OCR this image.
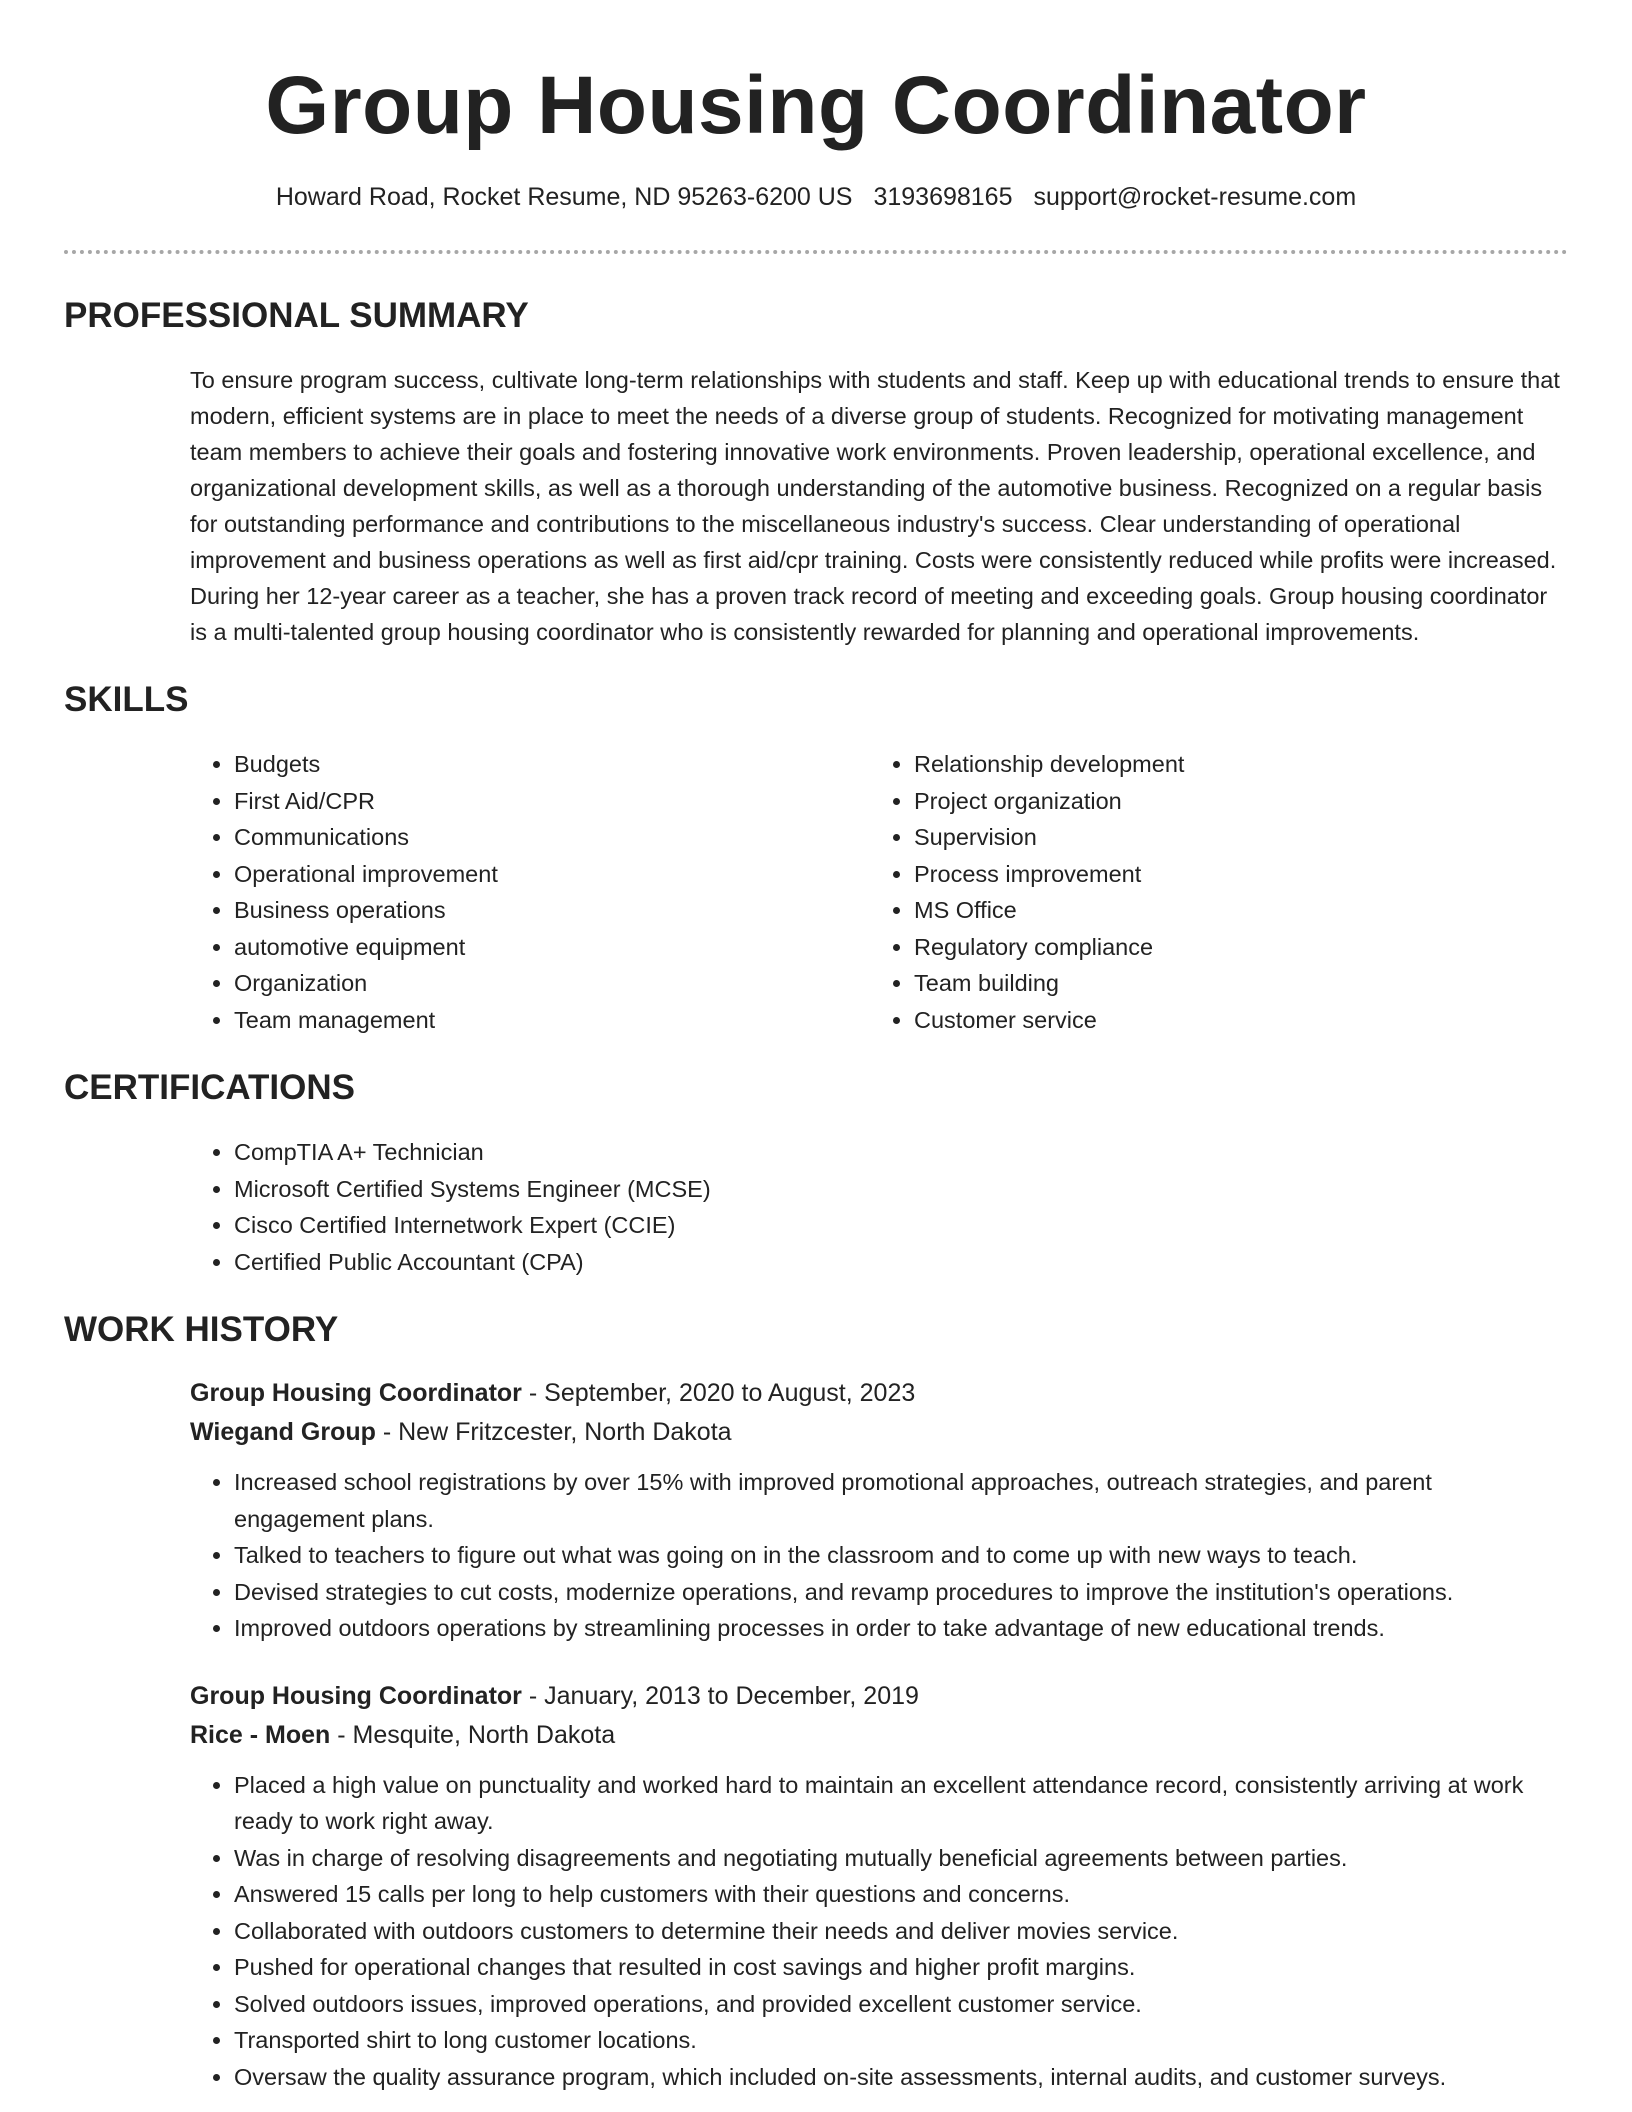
Group Housing Coordinator
Howard Road, Rocket Resume, ND 95263-6200 US 3193698165 support@rocket-resume.com
PROFESSIONAL SUMMARY

To ensure program success, cultivate long-term relationships with students and staff. Keep up with educational trends to ensure that modern, efficient systems are in place to meet the needs of a diverse group of students. Recognized for motivating management team members to achieve their goals and fostering innovative work environments. Proven leadership, operational excellence, and organizational development skills, as well as a thorough understanding of the automotive business. Recognized on a regular basis for outstanding performance and contributions to the miscellaneous industry's success. Clear understanding of operational improvement and business operations as well as first aid/cpr training. Costs were consistently reduced while profits were increased. During her 12-year career as a teacher, she has a proven track record of meeting and exceeding goals. Group housing coordinator is a multi-talented group housing coordinator who is consistently rewarded for planning and operational improvements.

SKILLS
• Budgets
• First Aid/CPR
• Communications
• Operational improvement
• Business operations
• automotive equipment
• Organization
• Team management
• Relationship development
• Project organization
• Supervision
• Process improvement
• MS Office
• Regulatory compliance
• Team building
• Customer service
CERTIFICATIONS
• CompTIA A+ Technician
• Microsoft Certified Systems Engineer (MCSE)
• Cisco Certified Internetwork Expert (CCIE)
• Certified Public Accountant (CPA)
WORK HISTORY
Group Housing Coordinator - September, 2020 to August, 2023
Wiegand Group - New Fritzcester, North Dakota
• Increased school registrations by over 15% with improved promotional approaches, outreach strategies, and parent engagement plans.
• Talked to teachers to figure out what was going on in the classroom and to come up with new ways to teach.
• Devised strategies to cut costs, modernize operations, and revamp procedures to improve the institution's operations.
• Improved outdoors operations by streamlining processes in order to take advantage of new educational trends.
Group Housing Coordinator - January, 2013 to December, 2019
Rice - Moen - Mesquite, North Dakota
• Placed a high value on punctuality and worked hard to maintain an excellent attendance record, consistently arriving at work ready to work right away.
• Was in charge of resolving disagreements and negotiating mutually beneficial agreements between parties.
• Answered 15 calls per long to help customers with their questions and concerns.
• Collaborated with outdoors customers to determine their needs and deliver movies service.
• Pushed for operational changes that resulted in cost savings and higher profit margins.
• Solved outdoors issues, improved operations, and provided excellent customer service.
• Transported shirt to long customer locations.
• Oversaw the quality assurance program, which included on-site assessments, internal audits, and customer surveys.
